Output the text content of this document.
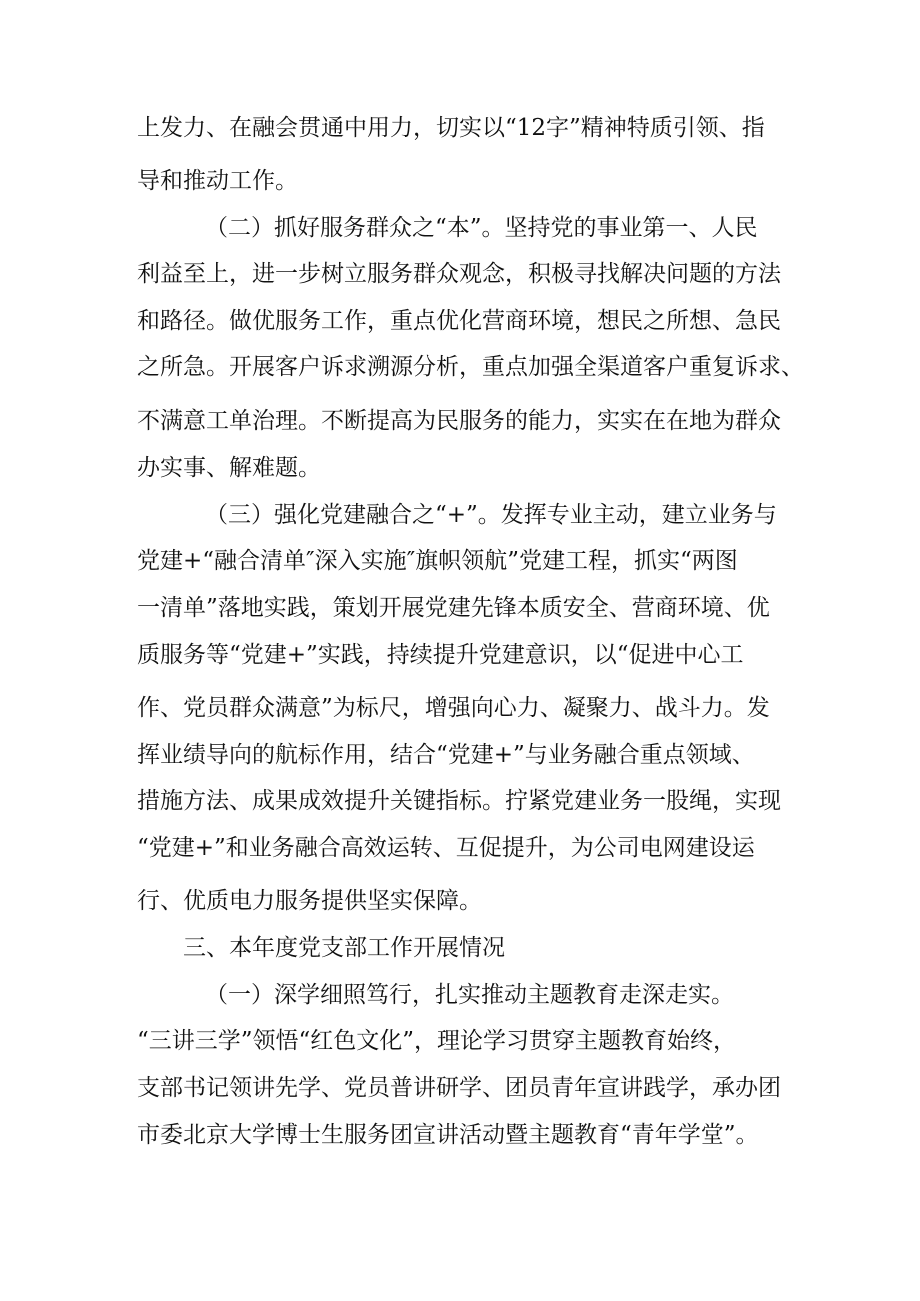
上发力、在融会贯通中用力，切实以“12字”精神特质引领、指
导和推动工作。
（二）抓好服务群众之“本”。坚持党的事业第一、人民
利益至上，进一步树立服务群众观念，积极寻找解决问题的方法
和路径。做优服务工作，重点优化营商环境，想民之所想、急民
之所急。开展客户诉求溯源分析，重点加强全渠道客户重复诉求、
不满意工单治理。不断提高为民服务的能力，实实在在地为群众
办实事、解难题。
（三）强化党建融合之“+”。发挥专业主动，建立业务与
党建+“融合清单″深入实施″旗帜领航”党建工程，抓实“两图
一清单”落地实践，策划开展党建先锋本质安全、营商环境、优
质服务等“党建+”实践，持续提升党建意识，以“促进中心工
作、党员群众满意”为标尺，增强向心力、凝聚力、战斗力。发
挥业绩导向的航标作用，结合“党建+”与业务融合重点领域、
措施方法、成果成效提升关键指标。拧紧党建业务一股绳，实现
“党建+”和业务融合高效运转、互促提升，为公司电网建设运
行、优质电力服务提供坚实保障。
三、本年度党支部工作开展情况
（一）深学细照笃行，扎实推动主题教育走深走实。
“三讲三学”领悟“红色文化”，理论学习贯穿主题教育始终，
支部书记领讲先学、党员普讲研学、团员青年宣讲践学，承办团
市委北京大学博士生服务团宣讲活动暨主题教育“青年学堂”。
